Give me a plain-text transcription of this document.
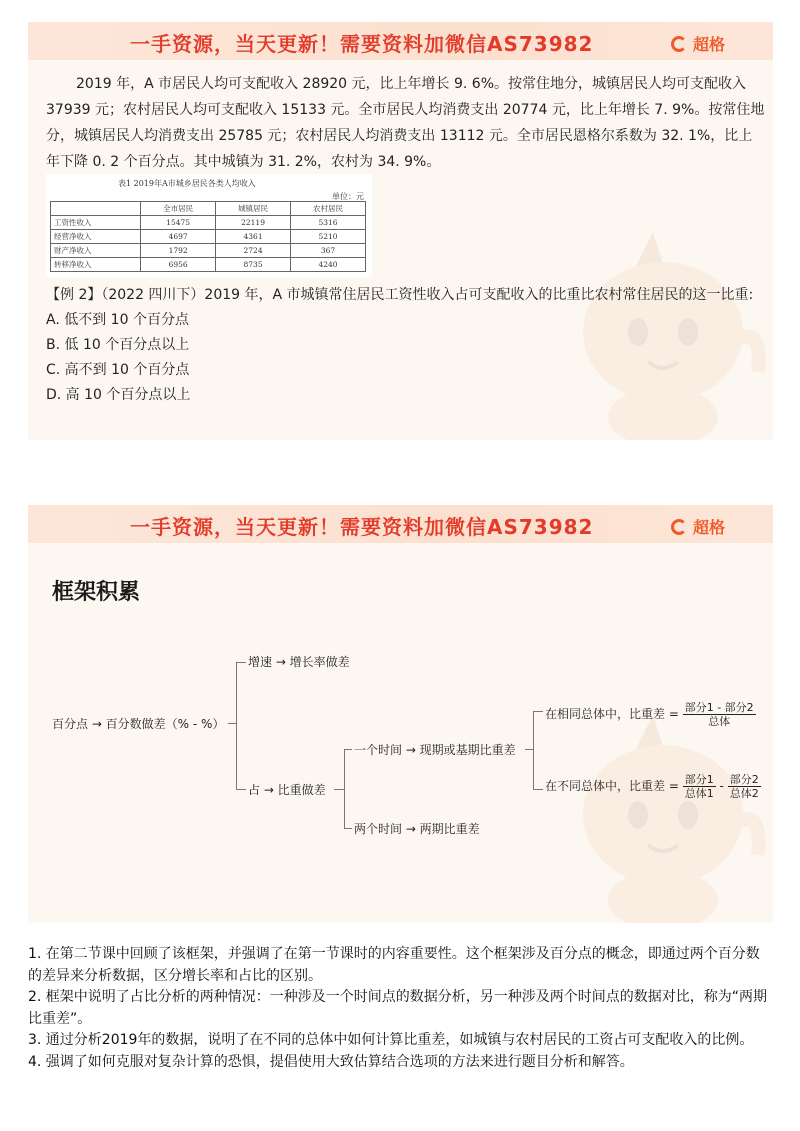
一手资源，当天更新！需要资料加微信AS73982	超格
2019 年，A 市居民人均可支配收入 28920 元，比上年增长 9. 6%。按常住地分，城镇居民人均可支配收入 37939 元；农村居民人均可支配收入 15133 元。全市居民人均消费支出 20774 元，比上年增长 7. 9%。按常住地分，城镇居民人均消费支出 25785 元；农村居民人均消费支出 13112 元。全市居民恩格尔系数为 32. 1%，比上年下降 0. 2 个百分点。其中城镇为 31. 2%，农村为 34. 9%。
表1 2019年A市城乡居民各类人均收入
单位：元
	全市居民	城镇居民	农村居民
工资性收入	15475	22119	5316
经营净收入	4697	4361	5210
财产净收入	1792	2724	367
转移净收入	6956	8735	4240
【例 2】（2022 四川下）2019 年，A 市城镇常住居民工资性收入占可支配收入的比重比农村常住居民的这一比重:
A. 低不到 10 个百分点
B. 低 10 个百分点以上
C. 高不到 10 个百分点
D. 高 10 个百分点以上
一手资源，当天更新！需要资料加微信AS73982	超格
框架积累
百分点 → 百分数做差（% - %）
增速 → 增长率做差
占 → 比重做差
一个时间 → 现期或基期比重差
两个时间 → 两期比重差
在相同总体中，比重差 = $\frac{\text{部分1 - 部分2}}{\text{总体}}$
在不同总体中，比重差 = $\frac{\text{部分1}}{\text{总体1}} - \frac{\text{部分2}}{\text{总体2}}$

1. 在第二节课中回顾了该框架，并强调了在第一节课时的内容重要性。这个框架涉及百分点的概念，即通过两个百分数的差异来分析数据，区分增长率和占比的区别。

2. 框架中说明了占比分析的两种情况：一种涉及一个时间点的数据分析，另一种涉及两个时间点的数据对比，称为“两期比重差”。

3. 通过分析2019年的数据，说明了在不同的总体中如何计算比重差，如城镇与农村居民的工资占可支配收入的比例。

4. 强调了如何克服对复杂计算的恐惧，提倡使用大致估算结合选项的方法来进行题目分析和解答。
